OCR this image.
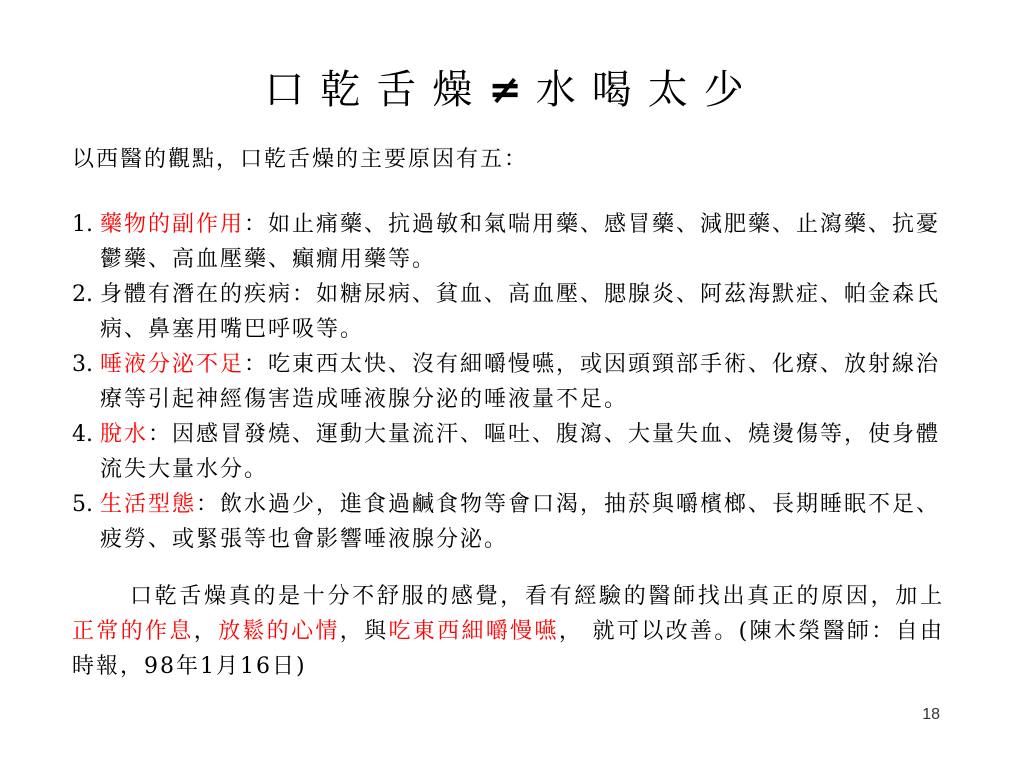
口乾舌燥≠水喝太少

以西醫的觀點，口乾舌燥的主要原因有五：

1. 藥物的副作用：如止痛藥、抗過敏和氣喘用藥、感冒藥、減肥藥、止瀉藥、抗憂鬱藥、高血壓藥、癲癇用藥等。
2. 身體有潛在的疾病：如糖尿病、貧血、高血壓、腮腺炎、阿茲海默症、帕金森氏病、鼻塞用嘴巴呼吸等。
3. 唾液分泌不足：吃東西太快、沒有細嚼慢嚥，或因頭頸部手術、化療、放射線治療等引起神經傷害造成唾液腺分泌的唾液量不足。
4. 脫水：因感冒發燒、運動大量流汗、嘔吐、腹瀉、大量失血、燒燙傷等，使身體流失大量水分。
5. 生活型態：飲水過少，進食過鹹食物等會口渴，抽菸與嚼檳榔、長期睡眠不足、疲勞、或緊張等也會影響唾液腺分泌。

口乾舌燥真的是十分不舒服的感覺，看有經驗的醫師找出真正的原因，加上正常的作息，放鬆的心情，與吃東西細嚼慢嚥， 就可以改善。(陳木榮醫師：自由時報，98年1月16日)

18
